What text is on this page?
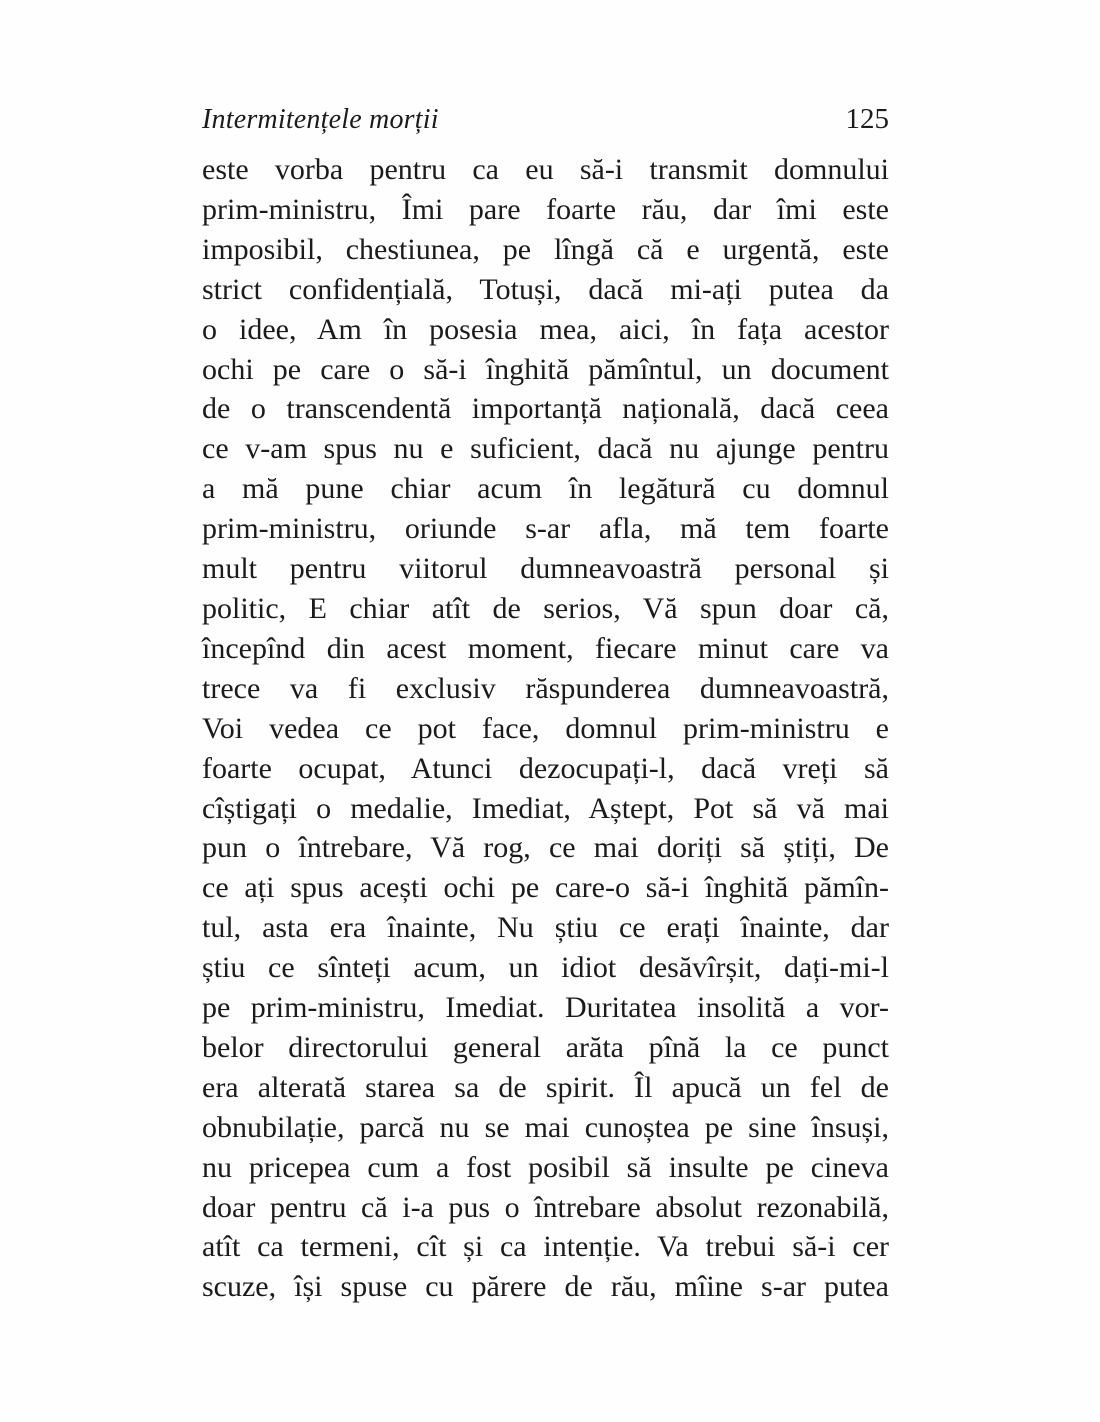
Intermitențele morții	125
este vorba pentru ca eu să-i transmit domnului
prim-ministru, Îmi pare foarte rău, dar îmi este
imposibil, chestiunea, pe lîngă că e urgentă, este
strict confidențială, Totuși, dacă mi-ați putea da
o idee, Am în posesia mea, aici, în fața acestor
ochi pe care o să-i înghită pămîntul, un document
de o transcendentă importanță națională, dacă ceea
ce v-am spus nu e suficient, dacă nu ajunge pentru
a mă pune chiar acum în legătură cu domnul
prim-ministru, oriunde s-ar afla, mă tem foarte
mult pentru viitorul dumneavoastră personal și
politic, E chiar atît de serios, Vă spun doar că,
începînd din acest moment, fiecare minut care va
trece va fi exclusiv răspunderea dumneavoastră,
Voi vedea ce pot face, domnul prim-ministru e
foarte ocupat, Atunci dezocupați-l, dacă vreți să
cîștigați o medalie, Imediat, Aștept, Pot să vă mai
pun o întrebare, Vă rog, ce mai doriți să știți, De
ce ați spus acești ochi pe care-o să-i înghită pămîn-
tul, asta era înainte, Nu știu ce erați înainte, dar
știu ce sînteți acum, un idiot desăvîrșit, dați-mi-l
pe prim-ministru, Imediat. Duritatea insolită a vor-
belor directorului general arăta pînă la ce punct
era alterată starea sa de spirit. Îl apucă un fel de
obnubilație, parcă nu se mai cunoștea pe sine însuși,
nu pricepea cum a fost posibil să insulte pe cineva
doar pentru că i-a pus o întrebare absolut rezonabilă,
atît ca termeni, cît și ca intenție. Va trebui să-i cer
scuze, își spuse cu părere de rău, mîine s-ar putea
